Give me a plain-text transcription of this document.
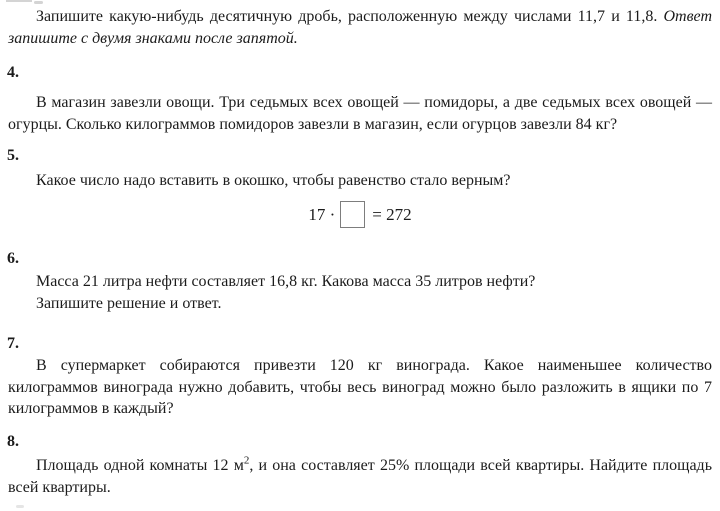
Запишите какую-нибудь десятичную дробь, расположенную между числами 11,7 и 11,8. Ответ запишите с двумя знаками после запятой.

4.

В магазин завезли овощи. Три седьмых всех овощей — помидоры, а две седьмых всех овощей — огурцы. Сколько килограммов помидоров завезли в магазин, если огурцов завезли 84 кг?

5.

Какое число надо вставить в окошко, чтобы равенство стало верным?

17 · = 272
6.
Масса 21 литра нефти составляет 16,8 кг. Какова масса 35 литров нефти?
Запишите решение и ответ.
7.

В супермаркет собираются привезти 120 кг винограда. Какое наименьшее количество килограммов винограда нужно добавить, чтобы весь виноград можно было разложить в ящики по 7 килограммов в каждый?

8.

Площадь одной комнаты 12 $м^2$, и она составляет 25% площади всей квартиры. Найдите площадь всей квартиры.
